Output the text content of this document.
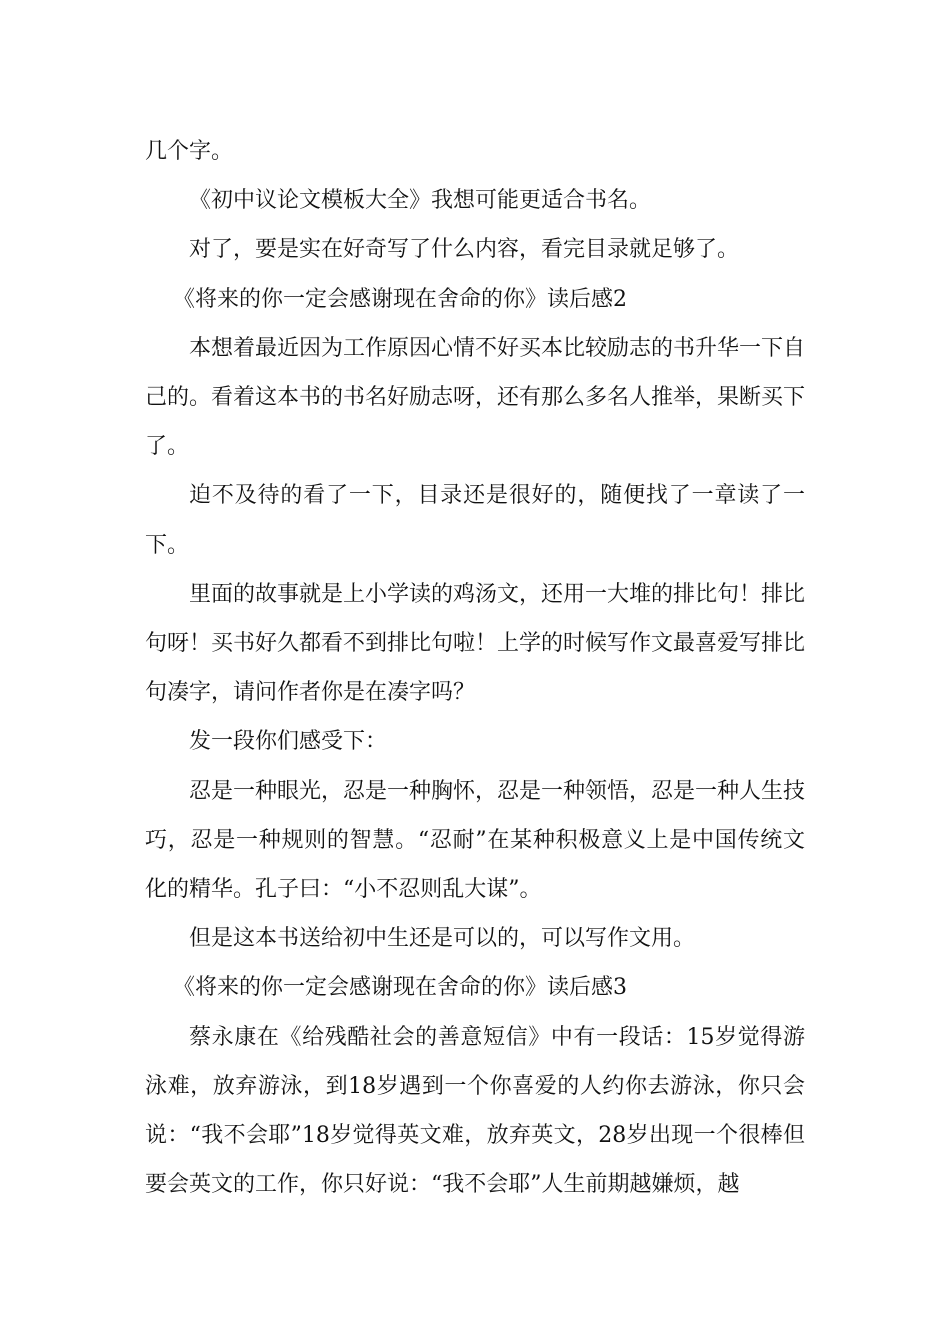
几个字。

《初中议论文模板大全》我想可能更适合书名。

对了，要是实在好奇写了什么内容，看完目录就足够了。

《将来的你一定会感谢现在舍命的你》读后感2

本想着最近因为工作原因心情不好买本比较励志的书升华一下自己的。看着这本书的书名好励志呀，还有那么多名人推举，果断买下了。

迫不及待的看了一下，目录还是很好的，随便找了一章读了一下。

里面的故事就是上小学读的鸡汤文，还用一大堆的排比句！排比句呀！买书好久都看不到排比句啦！上学的时候写作文最喜爱写排比句凑字，请问作者你是在凑字吗？

发一段你们感受下：

忍是一种眼光，忍是一种胸怀，忍是一种领悟，忍是一种人生技巧，忍是一种规则的智慧。“忍耐”在某种积极意义上是中国传统文化的精华。孔子曰：“小不忍则乱大谋”。

但是这本书送给初中生还是可以的，可以写作文用。

《将来的你一定会感谢现在舍命的你》读后感3

蔡永康在《给残酷社会的善意短信》中有一段话：15岁觉得游泳难，放弃游泳，到18岁遇到一个你喜爱的人约你去游泳，你只会说：“我不会耶”18岁觉得英文难，放弃英文，28岁出现一个很棒但要会英文的工作，你只好说：“我不会耶”人生前期越嫌烦，越
